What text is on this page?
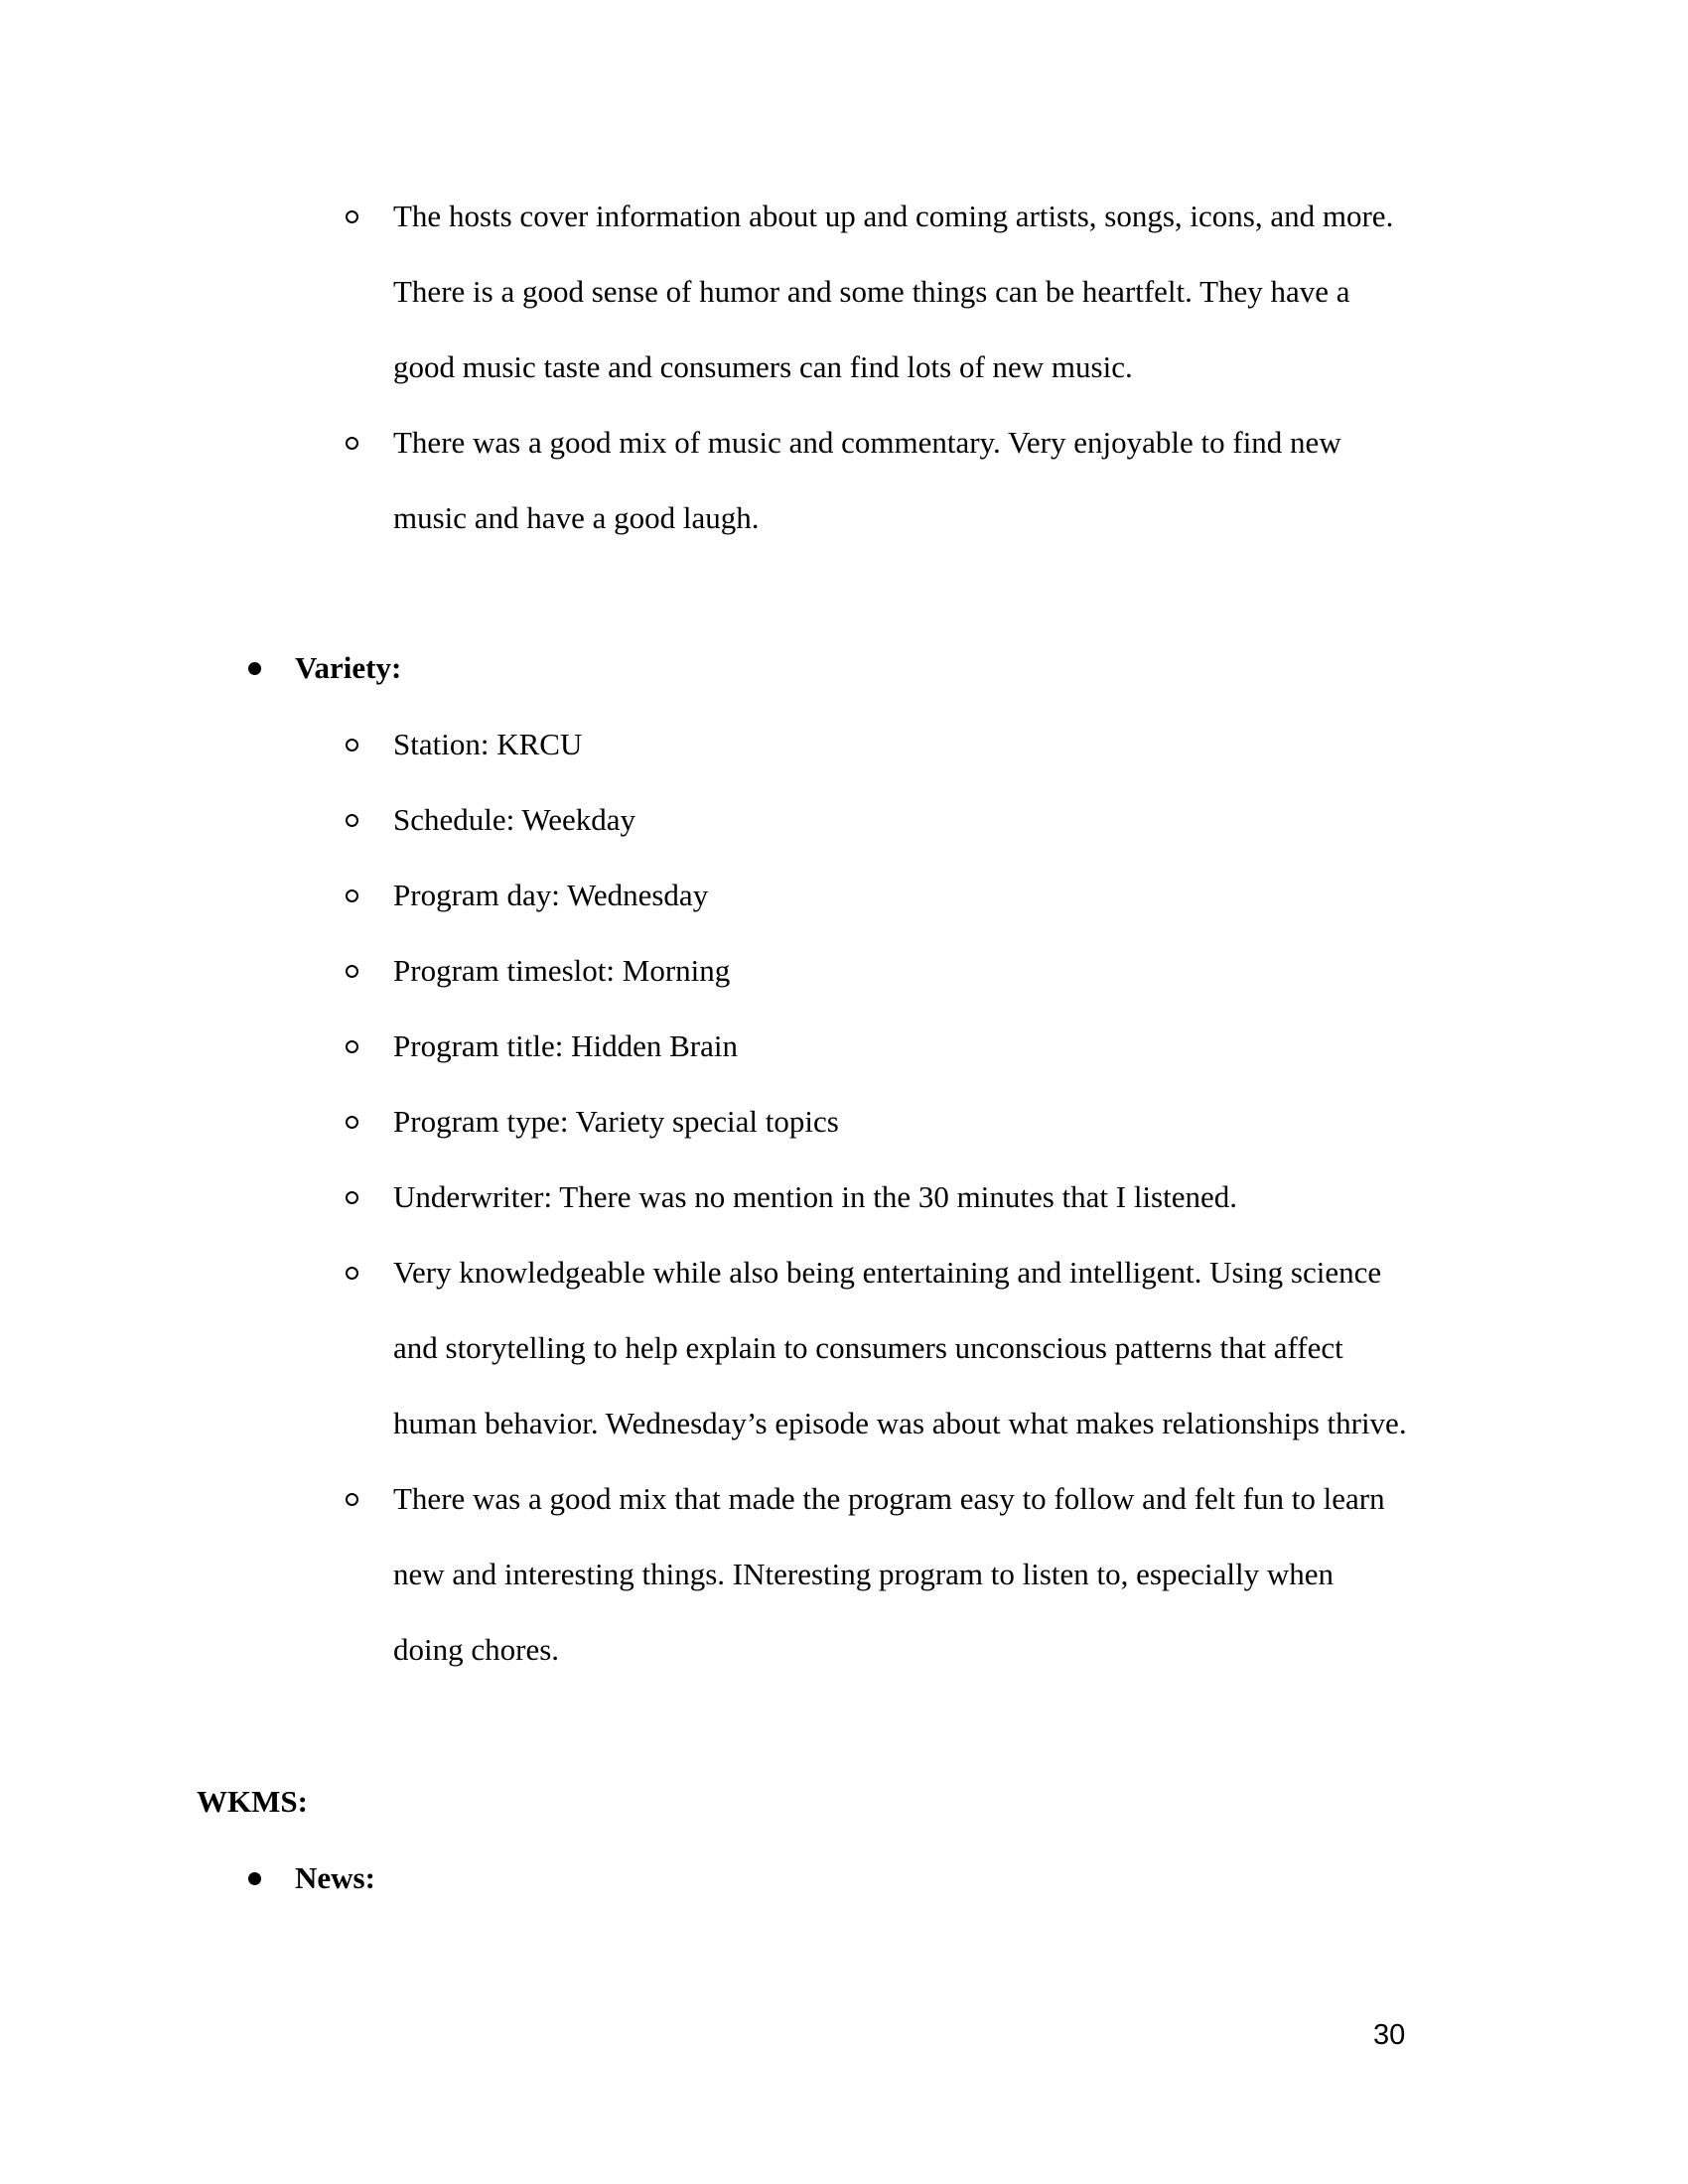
The hosts cover information about up and coming artists, songs, icons, and more.
There is a good sense of humor and some things can be heartfelt. They have a
good music taste and consumers can find lots of new music.
There was a good mix of music and commentary. Very enjoyable to find new
music and have a good laugh.
Variety:
Station: KRCU
Schedule: Weekday
Program day: Wednesday
Program timeslot: Morning
Program title: Hidden Brain
Program type: Variety special topics
Underwriter: There was no mention in the 30 minutes that I listened.
Very knowledgeable while also being entertaining and intelligent. Using science
and storytelling to help explain to consumers unconscious patterns that affect
human behavior. Wednesday’s episode was about what makes relationships thrive.
There was a good mix that made the program easy to follow and felt fun to learn
new and interesting things. INteresting program to listen to, especially when
doing chores.
WKMS:
News:
30
